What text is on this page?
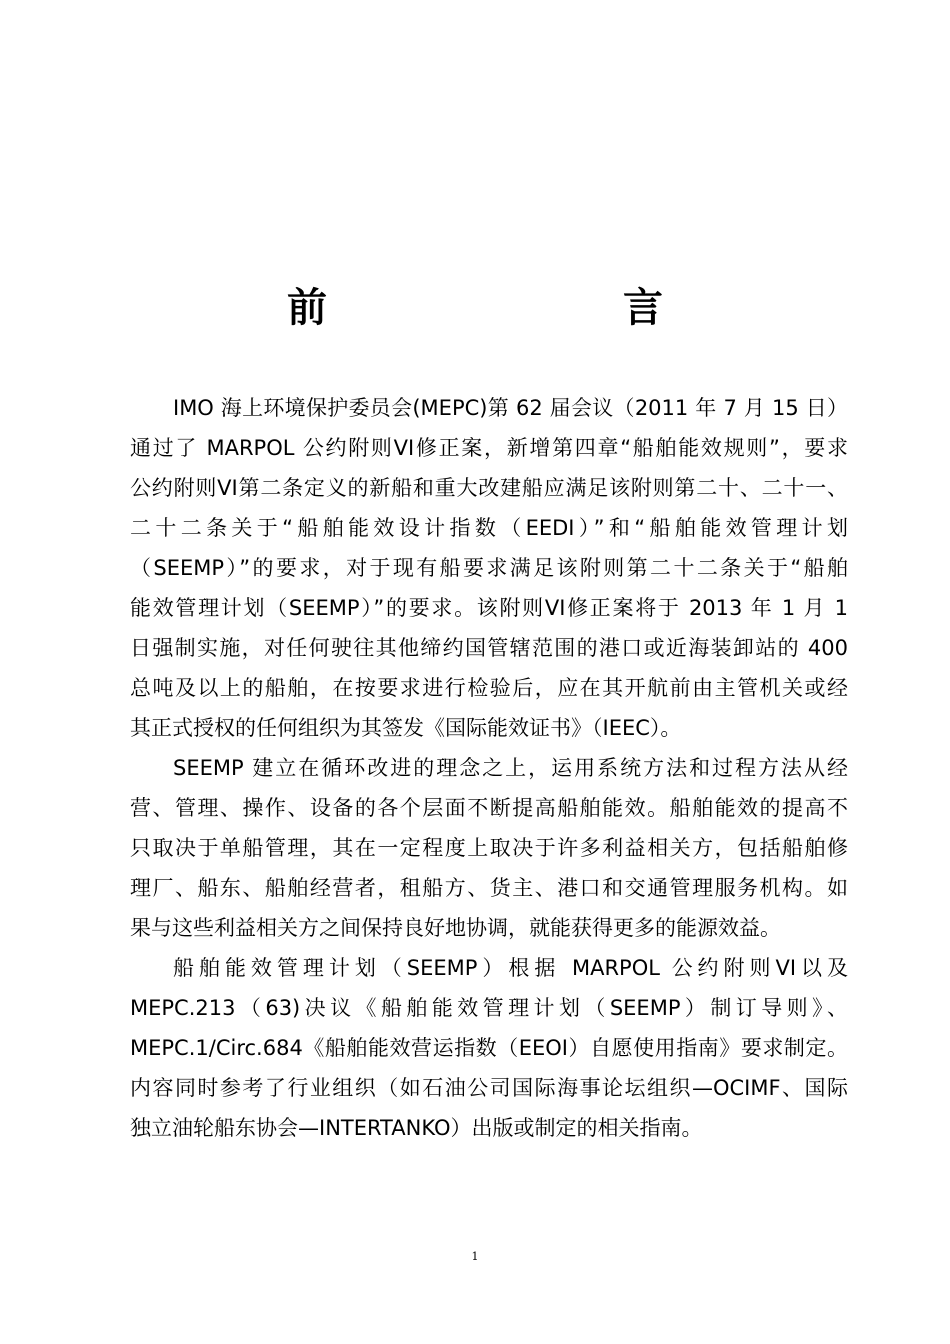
前　　言
IMO 海上环境保护委员会(MEPC)第 62 届会议（2011 年 7 月 15 日）
通过了 MARPOL 公约附则VI修正案，新增第四章“船舶能效规则”，要求
公约附则VI第二条定义的新船和重大改建船应满足该附则第二十、二十一、
二十二条关于“船舶能效设计指数（EEDI）”和“船舶能效管理计划
（SEEMP）”的要求，对于现有船要求满足该附则第二十二条关于“船舶
能效管理计划（SEEMP）”的要求。该附则VI修正案将于 2013 年 1 月 1
日强制实施，对任何驶往其他缔约国管辖范围的港口或近海装卸站的 400
总吨及以上的船舶，在按要求进行检验后，应在其开航前由主管机关或经
其正式授权的任何组织为其签发《国际能效证书》（IEEC）。
SEEMP 建立在循环改进的理念之上，运用系统方法和过程方法从经
营、管理、操作、设备的各个层面不断提高船舶能效。船舶能效的提高不
只取决于单船管理，其在一定程度上取决于许多利益相关方，包括船舶修
理厂、船东、船舶经营者，租船方、货主、港口和交通管理服务机构。如
果与这些利益相关方之间保持良好地协调，就能获得更多的能源效益。
船舶能效管理计划（SEEMP）根据 MARPOL 公约附则VI以及
MEPC.213（63)决议《船舶能效管理计划（SEEMP）制订导则》、
MEPC.1/Circ.684《船舶能效营运指数（EEOI）自愿使用指南》要求制定。
内容同时参考了行业组织（如石油公司国际海事论坛组织—OCIMF、国际
独立油轮船东协会—INTERTANKO）出版或制定的相关指南。
1
